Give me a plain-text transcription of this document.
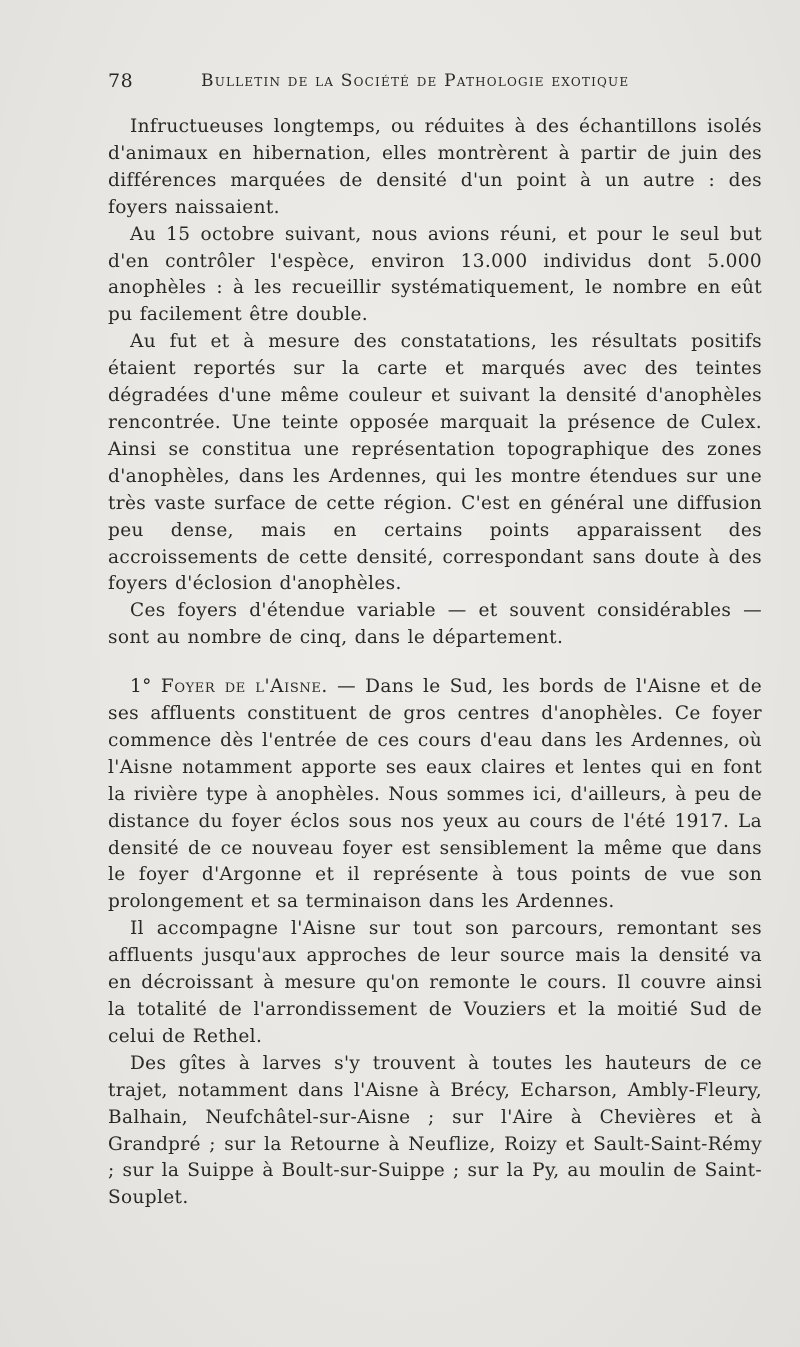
78	Bulletin de la Société de Pathologie exotique

Infructueuses longtemps, ou réduites à des échantillons isolés d'animaux en hibernation, elles montrèrent à partir de juin des différences marquées de densité d'un point à un autre : des foyers naissaient.

Au 15 octobre suivant, nous avions réuni, et pour le seul but d'en contrôler l'espèce, environ 13.000 individus dont 5.000 anophèles : à les recueillir systématiquement, le nombre en eût pu facilement être double.

Au fut et à mesure des constatations, les résultats positifs étaient reportés sur la carte et marqués avec des teintes dégradées d'une même couleur et suivant la densité d'anophèles rencontrée. Une teinte opposée marquait la présence de Culex. Ainsi se constitua une représentation topographique des zones d'anophèles, dans les Ardennes, qui les montre étendues sur une très vaste surface de cette région. C'est en général une diffusion peu dense, mais en certains points apparaissent des accroissements de cette densité, correspondant sans doute à des foyers d'éclosion d'anophèles.

Ces foyers d'étendue variable — et souvent considérables — sont au nombre de cinq, dans le département.

1° Foyer de l'Aisne. — Dans le Sud, les bords de l'Aisne et de ses affluents constituent de gros centres d'anophèles. Ce foyer commence dès l'entrée de ces cours d'eau dans les Ardennes, où l'Aisne notamment apporte ses eaux claires et lentes qui en font la rivière type à anophèles. Nous sommes ici, d'ailleurs, à peu de distance du foyer éclos sous nos yeux au cours de l'été 1917. La densité de ce nouveau foyer est sensiblement la même que dans le foyer d'Argonne et il représente à tous points de vue son prolongement et sa terminaison dans les Ardennes.

Il accompagne l'Aisne sur tout son parcours, remontant ses affluents jusqu'aux approches de leur source mais la densité va en décroissant à mesure qu'on remonte le cours. Il couvre ainsi la totalité de l'arrondissement de Vouziers et la moitié Sud de celui de Rethel.

Des gîtes à larves s'y trouvent à toutes les hauteurs de ce trajet, notamment dans l'Aisne à Brécy, Echarson, Ambly-Fleury, Balhain, Neufchâtel-sur-Aisne ; sur l'Aire à Chevières et à Grandpré ; sur la Retourne à Neuflize, Roizy et Sault-Saint-Rémy ; sur la Suippe à Boult-sur-Suippe ; sur la Py, au moulin de Saint-Souplet.
